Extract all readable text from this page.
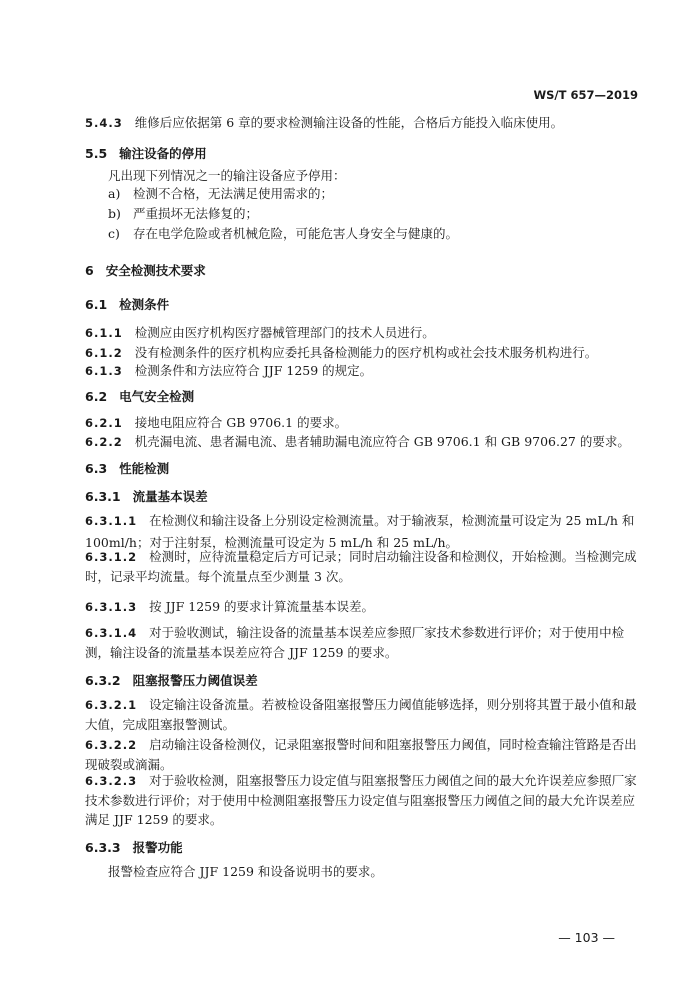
WS/T 657—2019
5.4.3 维修后应依据第 6 章的要求检测输注设备的性能，合格后方能投入临床使用。
5.5 输注设备的停用
凡出现下列情况之一的输注设备应予停用：
a) 检测不合格，无法满足使用需求的；
b) 严重损坏无法修复的；
c) 存在电学危险或者机械危险，可能危害人身安全与健康的。
6 安全检测技术要求
6.1 检测条件
6.1.1 检测应由医疗机构医疗器械管理部门的技术人员进行。
6.1.2 没有检测条件的医疗机构应委托具备检测能力的医疗机构或社会技术服务机构进行。
6.1.3 检测条件和方法应符合 JJF 1259 的规定。
6.2 电气安全检测
6.2.1 接地电阻应符合 GB 9706.1 的要求。
6.2.2 机壳漏电流、患者漏电流、患者辅助漏电流应符合 GB 9706.1 和 GB 9706.27 的要求。
6.3 性能检测
6.3.1 流量基本误差
6.3.1.1 在检测仪和输注设备上分别设定检测流量。对于输液泵，检测流量可设定为 25 mL/h 和 100ml/h；对于注射泵，检测流量可设定为 5 mL/h 和 25 mL/h。
6.3.1.2 检测时，应待流量稳定后方可记录；同时启动输注设备和检测仪，开始检测。当检测完成时，记录平均流量。每个流量点至少测量 3 次。
6.3.1.3 按 JJF 1259 的要求计算流量基本误差。
6.3.1.4 对于验收测试，输注设备的流量基本误差应参照厂家技术参数进行评价；对于使用中检测，输注设备的流量基本误差应符合 JJF 1259 的要求。
6.3.2 阻塞报警压力阈值误差
6.3.2.1 设定输注设备流量。若被检设备阻塞报警压力阈值能够选择，则分别将其置于最小值和最大值，完成阻塞报警测试。
6.3.2.2 启动输注设备检测仪，记录阻塞报警时间和阻塞报警压力阈值，同时检查输注管路是否出现破裂或滴漏。
6.3.2.3 对于验收检测，阻塞报警压力设定值与阻塞报警压力阈值之间的最大允许误差应参照厂家技术参数进行评价；对于使用中检测阻塞报警压力设定值与阻塞报警压力阈值之间的最大允许误差应满足 JJF 1259 的要求。
6.3.3 报警功能
报警检查应符合 JJF 1259 和设备说明书的要求。
— 103 —
